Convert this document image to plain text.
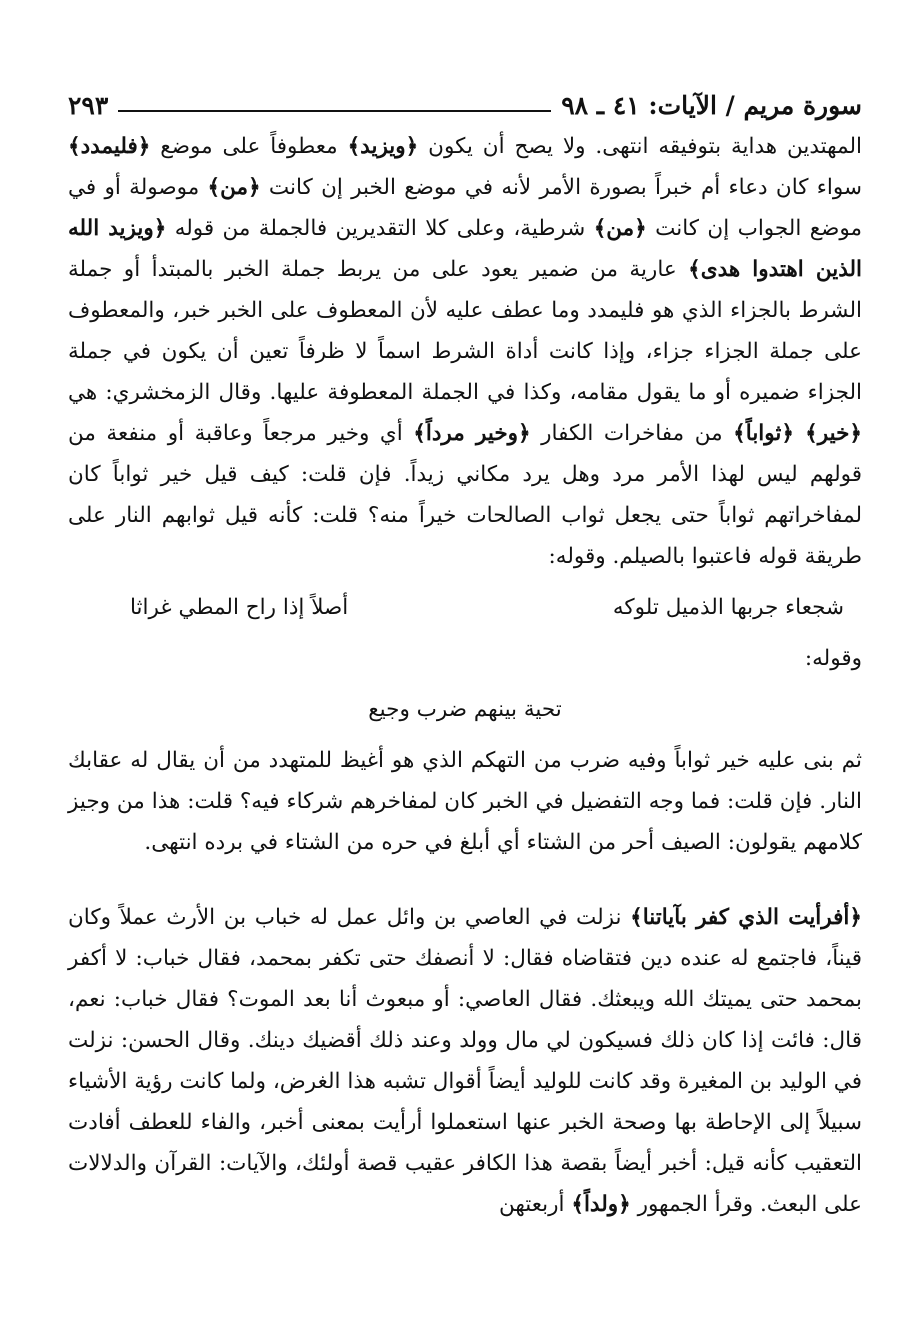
سورة مريم / الآيات: ٤١ ـ ٩٨
٢٩٣

المهتدين هداية بتوفيقه انتهى. ولا يصح أن يكون ﴿ويزيد﴾ معطوفاً على موضع ﴿فليمدد﴾ سواء كان دعاء أم خبراً بصورة الأمر لأنه في موضع الخبر إن كانت ﴿من﴾ موصولة أو في موضع الجواب إن كانت ﴿من﴾ شرطية، وعلى كلا التقديرين فالجملة من قوله ﴿ويزيد الله الذين اهتدوا هدى﴾ عارية من ضمير يعود على من يربط جملة الخبر بالمبتدأ أو جملة الشرط بالجزاء الذي هو فليمدد وما عطف عليه لأن المعطوف على الخبر خبر، والمعطوف على جملة الجزاء جزاء، وإذا كانت أداة الشرط اسماً لا ظرفاً تعين أن يكون في جملة الجزاء ضميره أو ما يقول مقامه، وكذا في الجملة المعطوفة عليها. وقال الزمخشري: هي ﴿خير﴾ ﴿ثواباً﴾ من مفاخرات الكفار ﴿وخير مرداً﴾ أي وخير مرجعاً وعاقبة أو منفعة من قولهم ليس لهذا الأمر مرد وهل يرد مكاني زيداً. فإن قلت: كيف قيل خير ثواباً كان لمفاخراتهم ثواباً حتى يجعل ثواب الصالحات خيراً منه؟ قلت: كأنه قيل ثوابهم النار على طريقة قوله فاعتبوا بالصيلم. وقوله:

شجعاء جربها الذميل تلوكه
أصلاً إذا راح المطي غراثا

وقوله:

تحية بينهم ضرب وجيع

ثم بنى عليه خير ثواباً وفيه ضرب من التهكم الذي هو أغيظ للمتهدد من أن يقال له عقابك النار. فإن قلت: فما وجه التفضيل في الخبر كان لمفاخرهم شركاء فيه؟ قلت: هذا من وجيز كلامهم يقولون: الصيف أحر من الشتاء أي أبلغ في حره من الشتاء في برده انتهى.

﴿أفرأيت الذي كفر بآياتنا﴾ نزلت في العاصي بن وائل عمل له خباب بن الأرث عملاً وكان قيناً، فاجتمع له عنده دين فتقاضاه فقال: لا أنصفك حتى تكفر بمحمد، فقال خباب: لا أكفر بمحمد حتى يميتك الله ويبعثك. فقال العاصي: أو مبعوث أنا بعد الموت؟ فقال خباب: نعم، قال: فائت إذا كان ذلك فسيكون لي مال وولد وعند ذلك أقضيك دينك. وقال الحسن: نزلت في الوليد بن المغيرة وقد كانت للوليد أيضاً أقوال تشبه هذا الغرض، ولما كانت رؤية الأشياء سبيلاً إلى الإحاطة بها وصحة الخبر عنها استعملوا أرأيت بمعنى أخبر، والفاء للعطف أفادت التعقيب كأنه قيل: أخبر أيضاً بقصة هذا الكافر عقيب قصة أولئك، والآيات: القرآن والدلالات على البعث. وقرأ الجمهور ﴿ولداً﴾ أربعتهن
